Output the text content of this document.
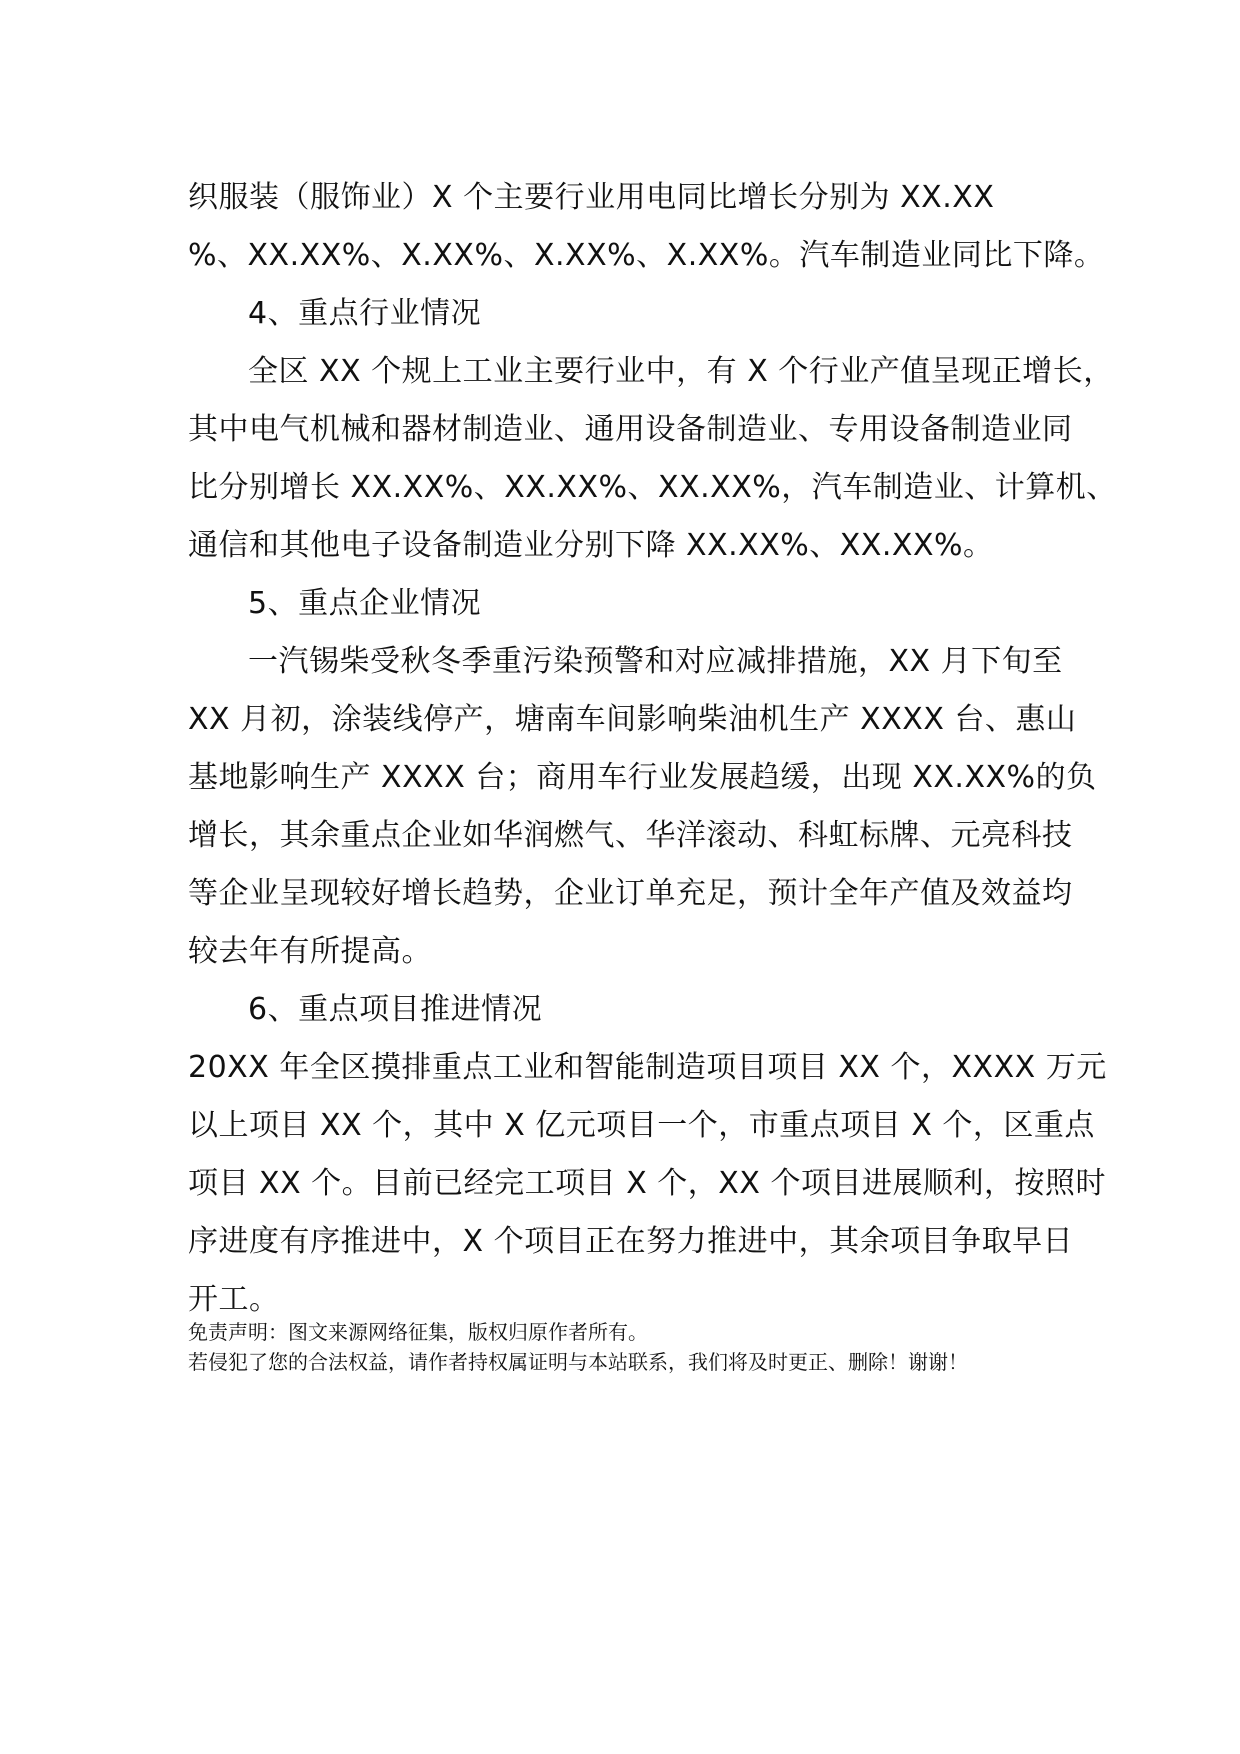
织服装（服饰业）X 个主要行业用电同比增长分别为 XX.XX
%、XX.XX%、X.XX%、X.XX%、X.XX%。汽车制造业同比下降。
4、重点行业情况
全区 XX 个规上工业主要行业中，有 X 个行业产值呈现正增长，
其中电气机械和器材制造业、通用设备制造业、专用设备制造业同
比分别增长 XX.XX%、XX.XX%、XX.XX%，汽车制造业、计算机、
通信和其他电子设备制造业分别下降 XX.XX%、XX.XX%。
5、重点企业情况
一汽锡柴受秋冬季重污染预警和对应减排措施，XX 月下旬至
XX 月初，涂装线停产，塘南车间影响柴油机生产 XXXX 台、惠山
基地影响生产 XXXX 台；商用车行业发展趋缓，出现 XX.XX%的负
增长，其余重点企业如华润燃气、华洋滚动、科虹标牌、元亮科技
等企业呈现较好增长趋势，企业订单充足，预计全年产值及效益均
较去年有所提高。
6、重点项目推进情况
20XX 年全区摸排重点工业和智能制造项目项目 XX 个，XXXX 万元
以上项目 XX 个，其中 X 亿元项目一个，市重点项目 X 个，区重点
项目 XX 个。目前已经完工项目 X 个，XX 个项目进展顺利，按照时
序进度有序推进中，X 个项目正在努力推进中，其余项目争取早日
开工。
免责声明：图文来源网络征集，版权归原作者所有。
若侵犯了您的合法权益，请作者持权属证明与本站联系，我们将及时更正、删除！谢谢！
